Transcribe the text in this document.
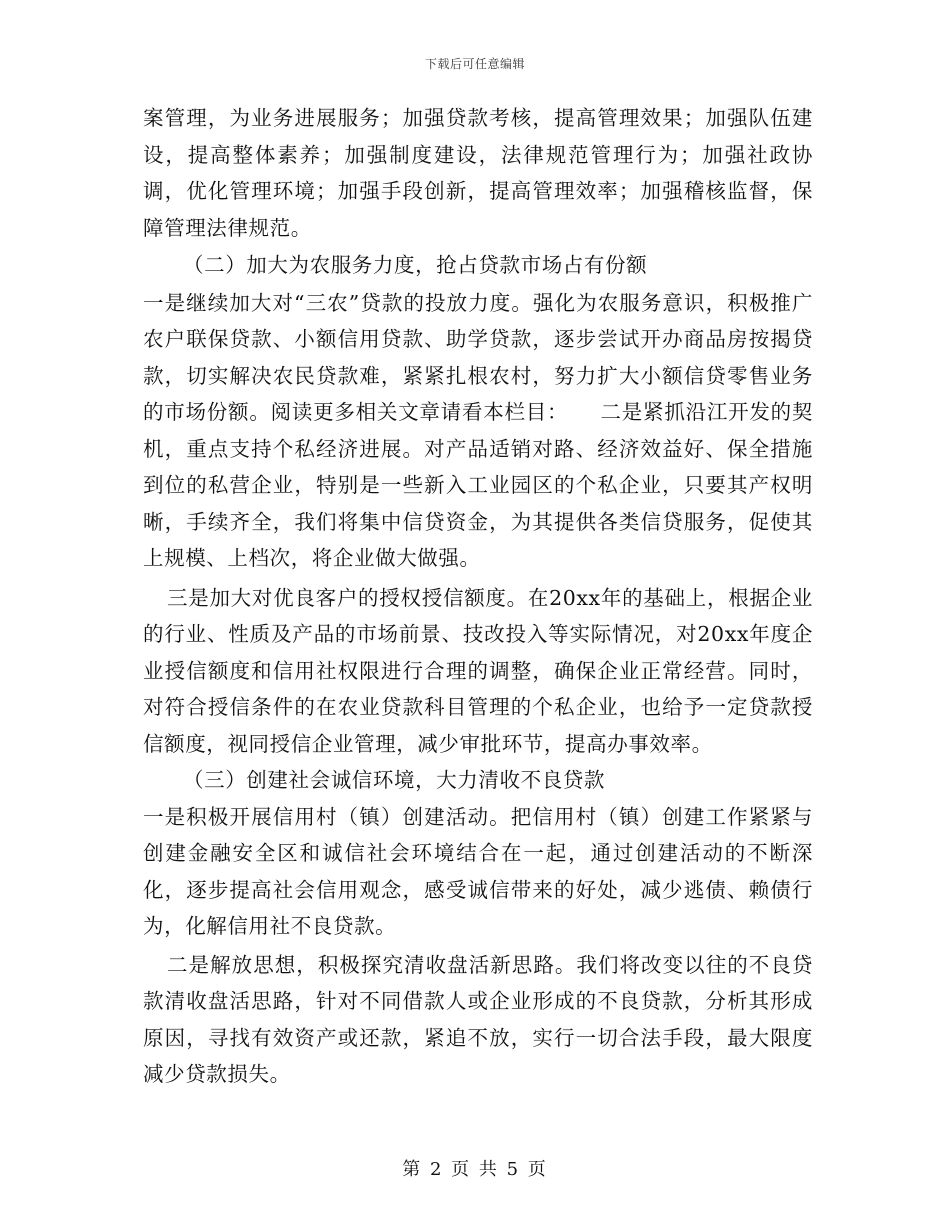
下载后可任意编辑

案管理，为业务进展服务；加强贷款考核，提高管理效果；加强队伍建设，提高整体素养；加强制度建设，法律规范管理行为；加强社政协调，优化管理环境；加强手段创新，提高管理效率；加强稽核监督，保障管理法律规范。

（二）加大为农服务力度，抢占贷款市场占有份额

一是继续加大对“三农”贷款的投放力度。强化为农服务意识，积极推广农户联保贷款、小额信用贷款、助学贷款，逐步尝试开办商品房按揭贷款，切实解决农民贷款难，紧紧扎根农村，努力扩大小额信贷零售业务的市场份额。阅读更多相关文章请看本栏目：　　二是紧抓沿江开发的契机，重点支持个私经济进展。对产品适销对路、经济效益好、保全措施到位的私营企业，特别是一些新入工业园区的个私企业，只要其产权明晰，手续齐全，我们将集中信贷资金，为其提供各类信贷服务，促使其上规模、上档次，将企业做大做强。

三是加大对优良客户的授权授信额度。在20xx年的基础上，根据企业的行业、性质及产品的市场前景、技改投入等实际情况，对20xx年度企业授信额度和信用社权限进行合理的调整，确保企业正常经营。同时，对符合授信条件的在农业贷款科目管理的个私企业，也给予一定贷款授信额度，视同授信企业管理，减少审批环节，提高办事效率。

（三）创建社会诚信环境，大力清收不良贷款

一是积极开展信用村（镇）创建活动。把信用村（镇）创建工作紧紧与创建金融安全区和诚信社会环境结合在一起，通过创建活动的不断深化，逐步提高社会信用观念，感受诚信带来的好处，减少逃债、赖债行为，化解信用社不良贷款。

二是解放思想，积极探究清收盘活新思路。我们将改变以往的不良贷款清收盘活思路，针对不同借款人或企业形成的不良贷款，分析其形成原因，寻找有效资产或还款，紧追不放，实行一切合法手段，最大限度减少贷款损失。

第 2 页 共 5 页
